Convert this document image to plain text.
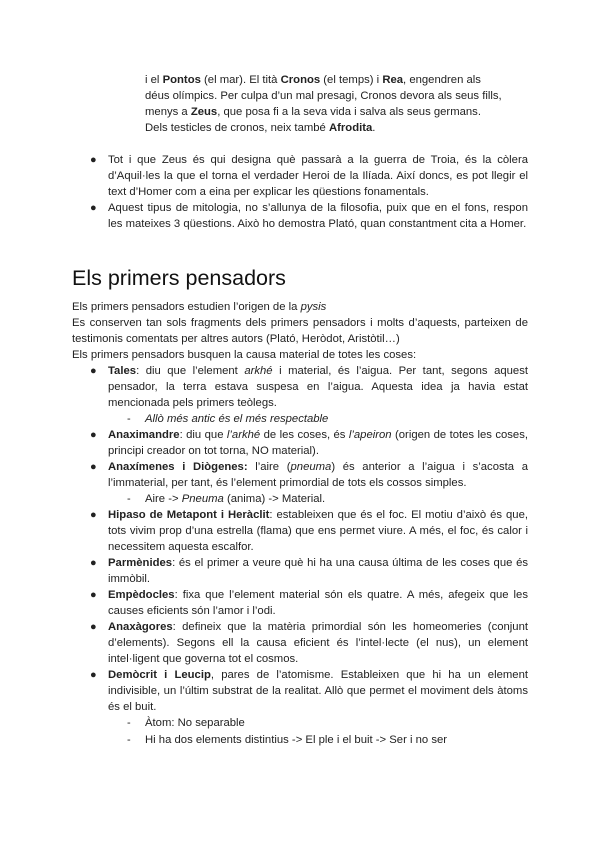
i el Pontos (el mar). El tità Cronos (el temps) i Rea, engendren als
déus olímpics. Per culpa d’un mal presagi, Cronos devora als seus fills,
menys a Zeus, que posa fi a la seva vida i salva als seus germans.
Dels testicles de cronos, neix també Afrodita.
● Tot i que Zeus és qui designa què passarà a la guerra de Troia, és la còlera d’Aquil·les la que el torna el verdader Heroi de la Ilíada. Així doncs, es pot llegir el text d’Homer com a eina per explicar les qüestions fonamentals.
● Aquest tipus de mitologia, no s’allunya de la filosofia, puix que en el fons, respon les mateixes 3 qüestions. Això ho demostra Plató, quan constantment cita a Homer.
Els primers pensadors
Els primers pensadors estudien l’origen de la pysis
Es conserven tan sols fragments dels primers pensadors i molts d’aquests, parteixen de testimonis comentats per altres autors (Plató, Heròdot, Aristòtil…)
Els primers pensadors busquen la causa material de totes les coses:
● Tales: diu que l’element arkhé i material, és l’aigua. Per tant, segons aquest pensador, la terra estava suspesa en l’aigua. Aquesta idea ja havia estat mencionada pels primers teòlegs.
- Allò més antic és el més respectable
● Anaximandre: diu que l’arkhé de les coses, és l’apeiron (origen de totes les coses, principi creador on tot torna, NO material).
● Anaxímenes i Diògenes: l’aire (pneuma) és anterior a l’aigua i s’acosta a l’immaterial, per tant, és l’element primordial de tots els cossos simples.
- Aire -> Pneuma (anima) -> Material.
● Hipaso de Metapont i Heràclit: estableixen que és el foc. El motiu d’això és que, tots vivim prop d’una estrella (flama) que ens permet viure. A més, el foc, és calor i necessitem aquesta escalfor.
● Parmènides: és el primer a veure què hi ha una causa última de les coses que és immòbil.
● Empèdocles: fixa que l’element material són els quatre. A més, afegeix que les causes eficients són l’amor i l’odi.
● Anaxàgores: defineix que la matèria primordial són les homeomeries (conjunt d’elements). Segons ell la causa eficient és l’intel·lecte (el nus), un element intel·ligent que governa tot el cosmos.
● Demòcrit i Leucip, pares de l’atomisme. Estableixen que hi ha un element indivisible, un l’últim substrat de la realitat. Allò que permet el moviment dels àtoms és el buit.
- Àtom: No separable
- Hi ha dos elements distintius -> El ple i el buit -> Ser i no ser
